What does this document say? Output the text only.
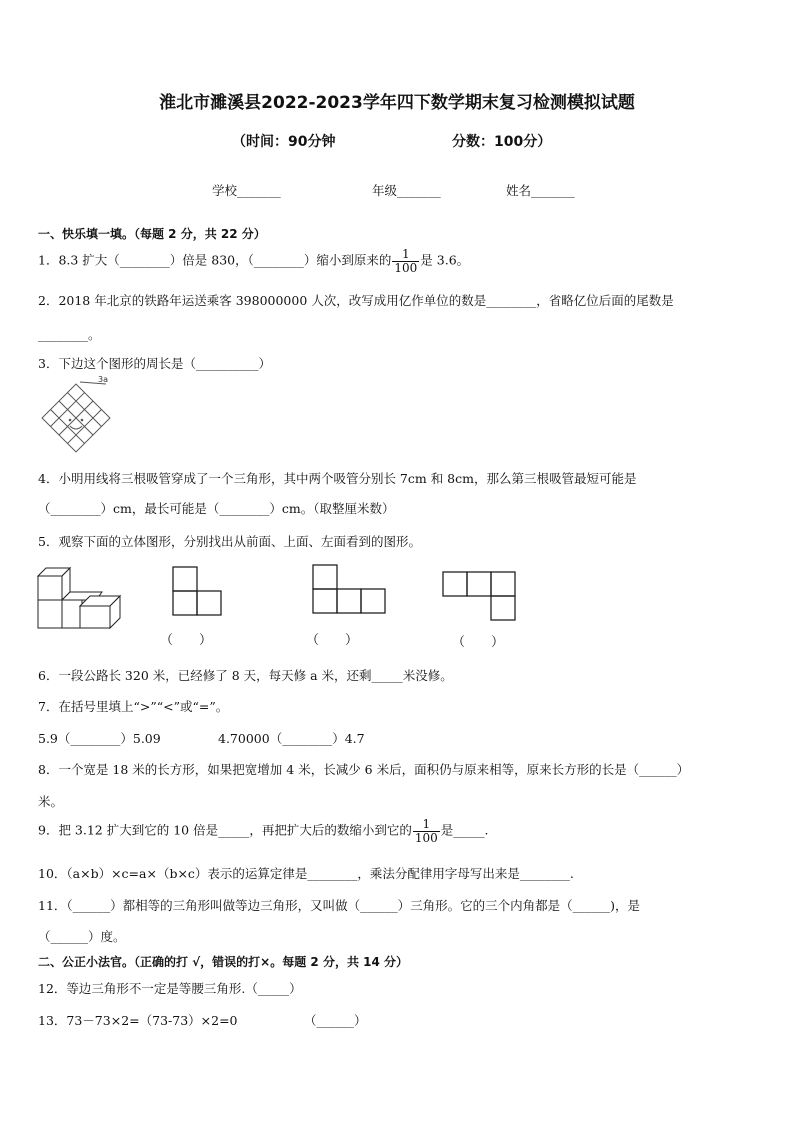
淮北市濉溪县2022-2023学年四下数学期末复习检测模拟试题
（时间：90分钟	分数：100分）
学校_______	年级_______	姓名_______
一、快乐填一填。（每题 2 分，共 22 分）
1．8.3 扩大（________）倍是 830，（________）缩小到原来的 $\frac{1}{100}$ 是 3.6。
2．2018 年北京的铁路年运送乘客 398000000 人次，改写成用亿作单位的数是________，省略亿位后面的尾数是
________。
3．下边这个图形的周长是（__________）
3a
4．小明用线将三根吸管穿成了一个三角形，其中两个吸管分别长 7cm 和 8cm，那么第三根吸管最短可能是
（________）cm，最长可能是（________）cm。（取整厘米数）
5．观察下面的立体图形，分别找出从前面、上面、左面看到的图形。
（　　）	（　　）	（　　）
6．一段公路长 320 米，已经修了 8 天，每天修 a 米，还剩_____米没修。
7．在括号里填上“>”“<”或“=”。
5.9（________）5.09	4.70000（________）4.7
8．一个宽是 18 米的长方形，如果把宽增加 4 米，长减少 6 米后，面积仍与原来相等，原来长方形的长是（______）
米。
9．把 3.12 扩大到它的 10 倍是_____，再把扩大后的数缩小到它的 $\frac{1}{100}$ 是_____.
10．（a×b）×c=a×（b×c）表示的运算定律是________，乘法分配律用字母写出来是________.
11．（______）都相等的三角形叫做等边三角形，又叫做（______）三角形。它的三个内角都是（______)，是
（______）度。
二、公正小法官。（正确的打 √，错误的打×。每题 2 分，共 14 分）
12．等边三角形不一定是等腰三角形.（_____）
13．73－73×2=（73-73）×2=0	（______）
